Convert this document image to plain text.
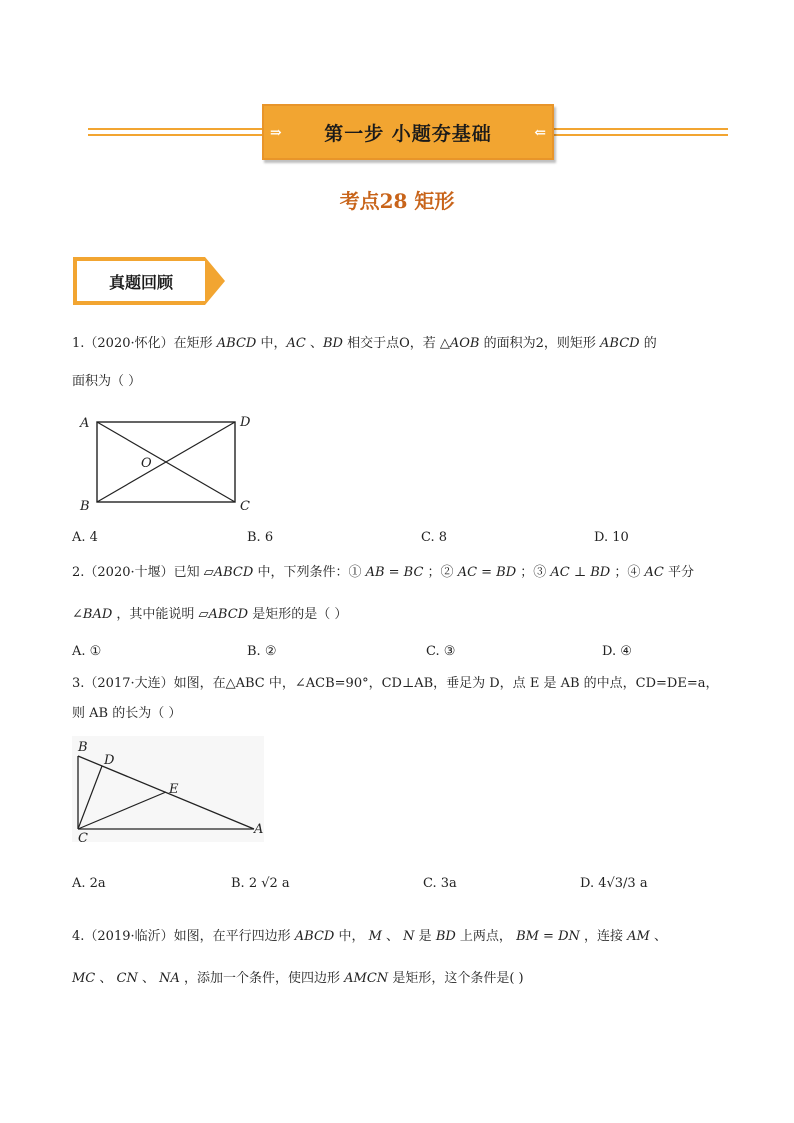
⇒ 第一步 小题夯基础	⇐
考点28 矩形
真题回顾
1.（2020·怀化）在矩形 ABCD 中，AC 、BD 相交于点O，若 △AOB 的面积为2，则矩形 ABCD 的
面积为（ ）
A	D
O
B	C
A. 4	B. 6	C. 8	D. 10
2.（2020·十堰）已知 ▱ABCD 中，下列条件：① AB = BC ；② AC = BD ；③ AC ⊥ BD ；④ AC 平分
∠BAD ，其中能说明 ▱ABCD 是矩形的是（ ）
A. ①	B. ②	C. ③	D. ④
3.（2017·大连）如图，在△ABC 中，∠ACB=90°，CD⊥AB，垂足为 D，点 E 是 AB 的中点，CD=DE=a，
则 AB 的长为（ ）
B
D
E
C
A
A. 2a	B. 2 √2 a	C. 3a	D. 4√3/3 a
4.（2019·临沂）如图，在平行四边形 ABCD 中， M 、 N 是 BD 上两点， BM = DN ，连接 AM 、
MC 、 CN 、 NA ，添加一个条件，使四边形 AMCN 是矩形，这个条件是( )
